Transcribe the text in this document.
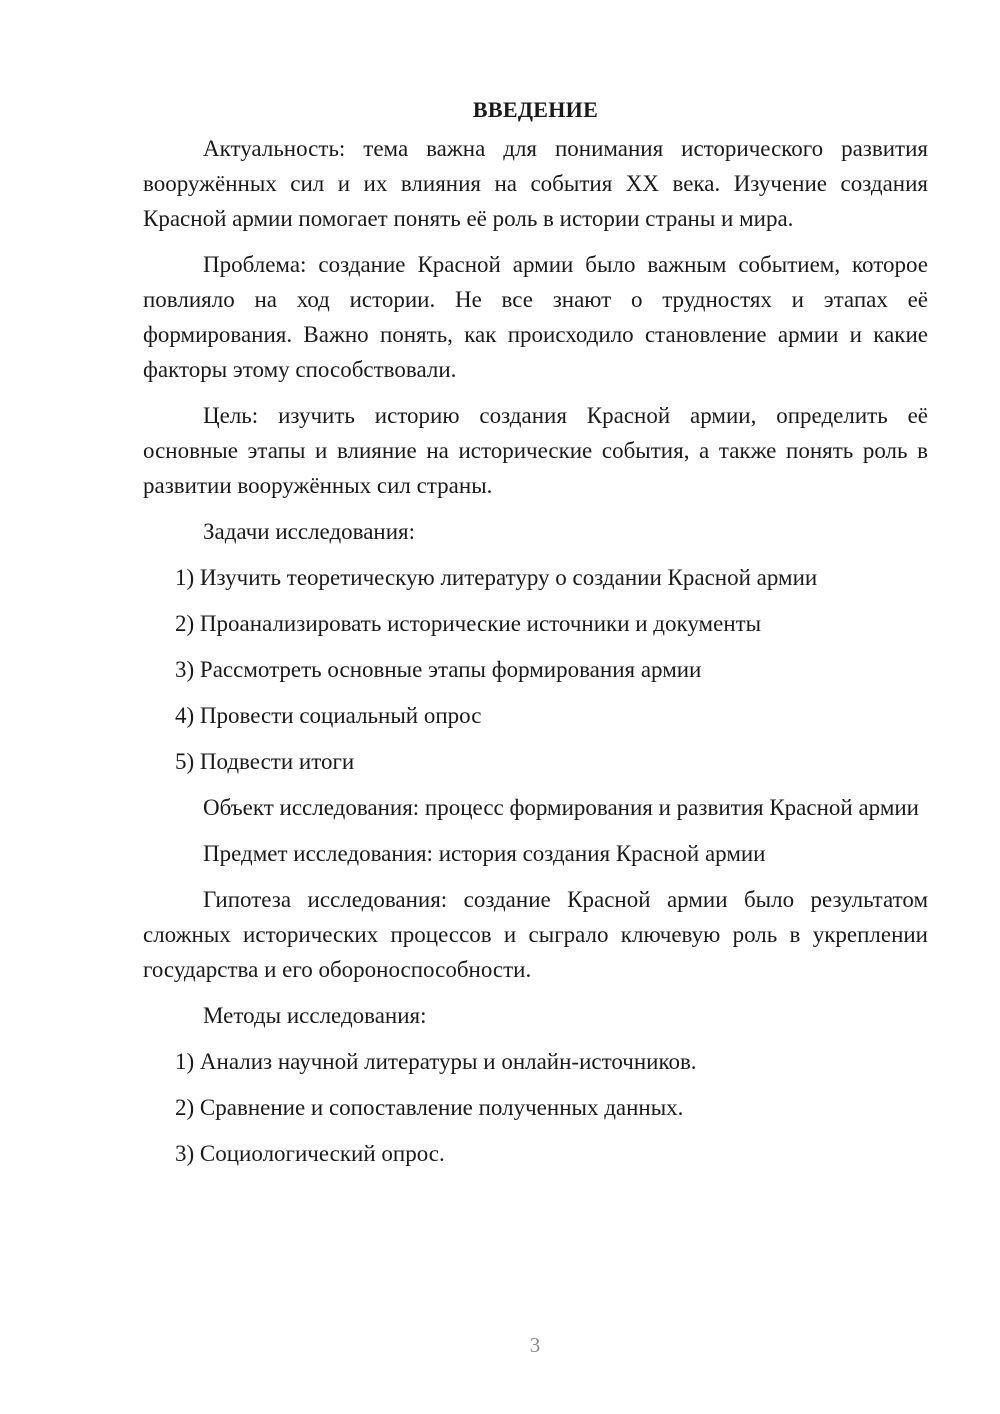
ВВЕДЕНИЕ

Актуальность: тема важна для понимания исторического развития вооружённых сил и их влияния на события XX века. Изучение создания Красной армии помогает понять её роль в истории страны и мира.

Проблема: создание Красной армии было важным событием, которое повлияло на ход истории. Не все знают о трудностях и этапах её формирования. Важно понять, как происходило становление армии и какие факторы этому способствовали.

Цель: изучить историю создания Красной армии, определить её основные этапы и влияние на исторические события, а также понять роль в развитии вооружённых сил страны.

Задачи исследования:

1) Изучить теоретическую литературу о создании Красной армии
2) Проанализировать исторические источники и документы
3) Рассмотреть основные этапы формирования армии
4) Провести социальный опрос
5) Подвести итоги

Объект исследования: процесс формирования и развития Красной армии

Предмет исследования: история создания Красной армии

Гипотеза исследования: создание Красной армии было результатом сложных исторических процессов и сыграло ключевую роль в укреплении государства и его обороноспособности.

Методы исследования:

1) Анализ научной литературы и онлайн-источников.
2) Сравнение и сопоставление полученных данных.
3) Социологический опрос.
3
